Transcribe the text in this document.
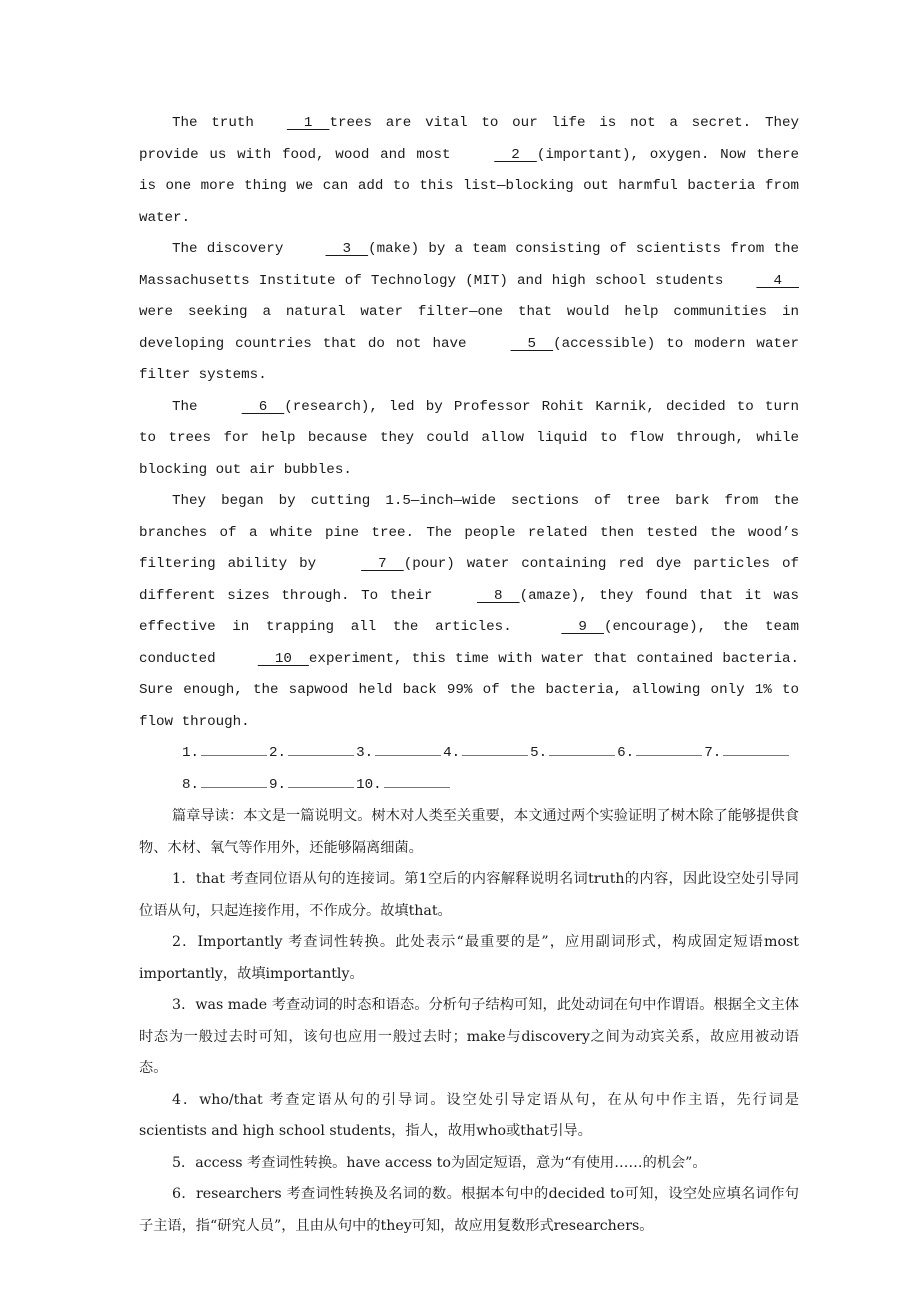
The truth  1  trees are vital to our life is not a secret. They provide us with food, wood and most   2  (important), oxygen. Now there is one more thing we can add to this list—blocking out harmful bacteria from water.

The discovery   3  (make) by a team consisting of scientists from the Massachusetts Institute of Technology (MIT) and high school students  4  were seeking a natural water filter—one that would help communities in developing countries that do not have   5  (accessible) to modern water filter systems.

The   6  (research), led by Professor Rohit Karnik, decided to turn to trees for help because they could allow liquid to flow through, while blocking out air bubbles.

They began by cutting 1.5—inch—wide sections of tree bark from the branches of a white pine tree. The people related then tested the wood’s filtering ability by   7  (pour) water containing red dye particles of different sizes through. To their   8  (amaze), they found that it was effective in trapping all the articles.   9  (encourage), the team conducted   10  experiment, this time with water that contained bacteria. Sure enough, the sapwood held back 99% of the bacteria, allowing only 1% to flow through.

1.	2.	3.	4.	5.	6.	7.
8.	9.	10.

篇章导读：本文是一篇说明文。树木对人类至关重要，本文通过两个实验证明了树木除了能够提供食物、木材、氧气等作用外，还能够隔离细菌。

1．that 考查同位语从句的连接词。第1空后的内容解释说明名词truth的内容，因此设空处引导同位语从句，只起连接作用，不作成分。故填that。

2．Importantly 考查词性转换。此处表示“最重要的是”，应用副词形式，构成固定短语most importantly，故填importantly。

3．was made 考查动词的时态和语态。分析句子结构可知，此处动词在句中作谓语。根据全文主体时态为一般过去时可知，该句也应用一般过去时；make与discovery之间为动宾关系，故应用被动语态。

4．who/that 考查定语从句的引导词。设空处引导定语从句，在从句中作主语，先行词是scientists and high school students，指人，故用who或that引导。

5．access 考查词性转换。have access to为固定短语，意为“有使用……的机会”。

6．researchers 考查词性转换及名词的数。根据本句中的decided to可知，设空处应填名词作句子主语，指“研究人员”，且由从句中的they可知，故应用复数形式researchers。
